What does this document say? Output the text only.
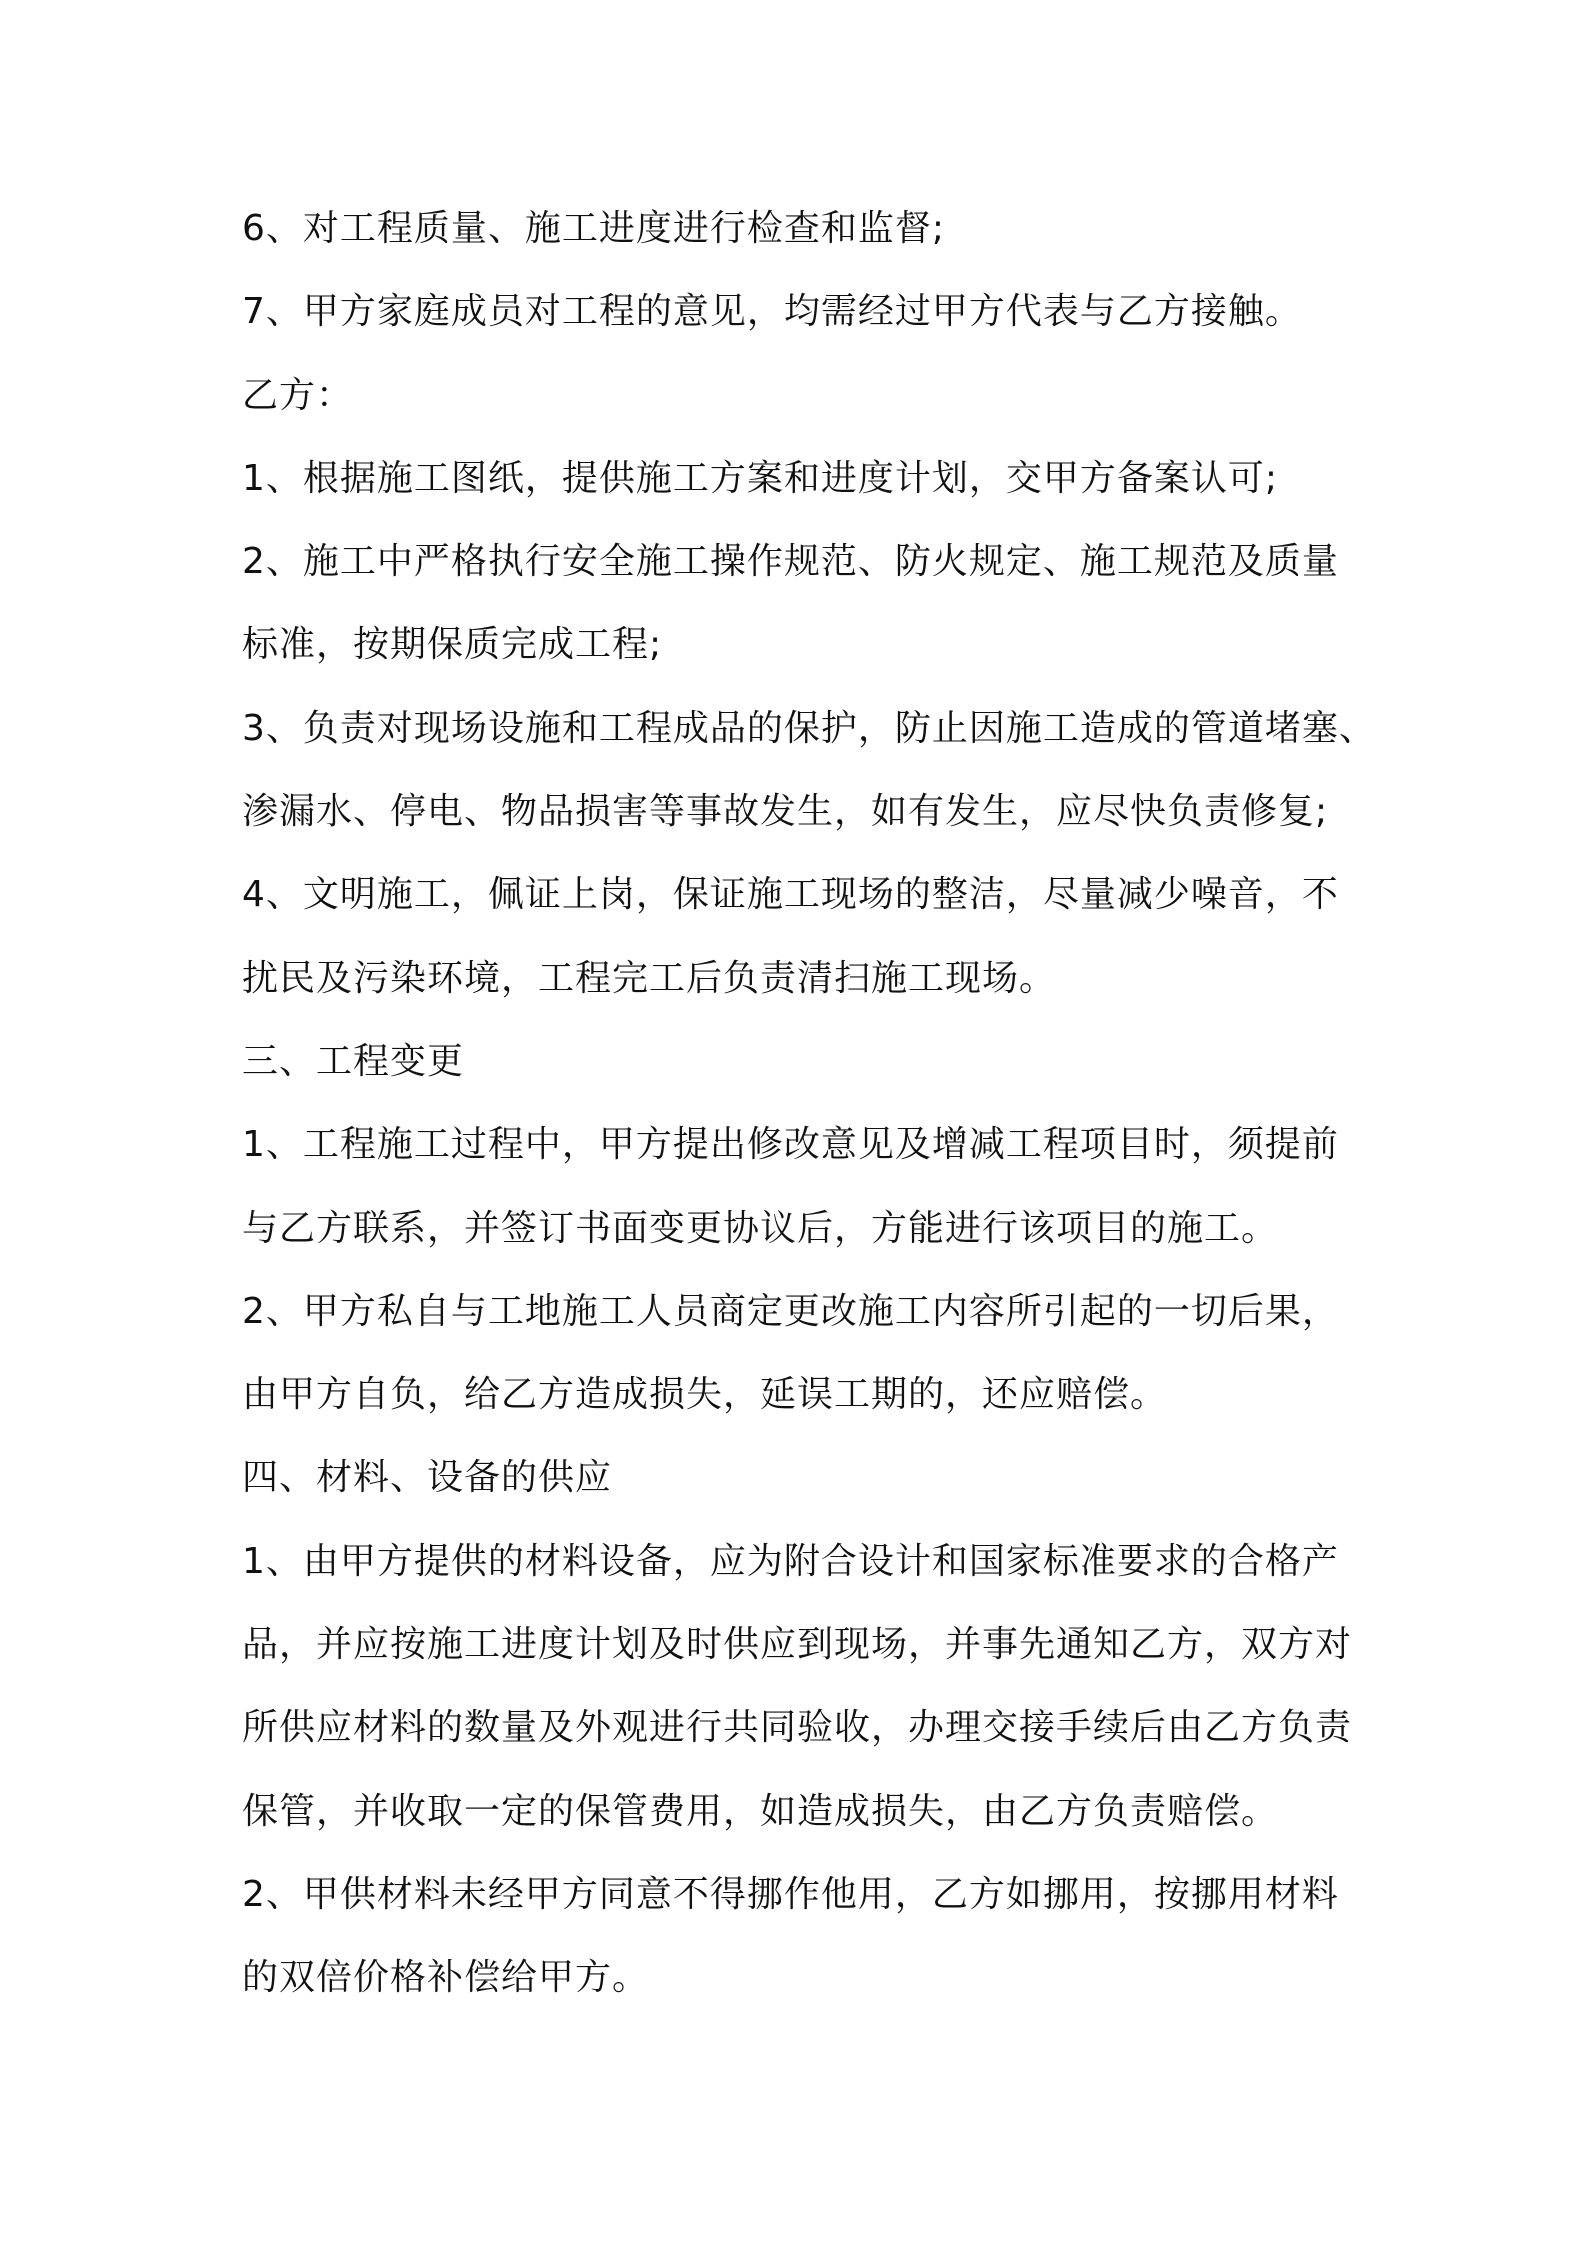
6、对工程质量、施工进度进行检查和监督;
7、甲方家庭成员对工程的意见，均需经过甲方代表与乙方接触。
乙方：
1、根据施工图纸，提供施工方案和进度计划，交甲方备案认可;
2、施工中严格执行安全施工操作规范、防火规定、施工规范及质量
标准，按期保质完成工程;
3、负责对现场设施和工程成品的保护，防止因施工造成的管道堵塞、
渗漏水、停电、物品损害等事故发生，如有发生，应尽快负责修复;
4、文明施工，佩证上岗，保证施工现场的整洁，尽量减少噪音，不
扰民及污染环境，工程完工后负责清扫施工现场。
三、工程变更
1、工程施工过程中，甲方提出修改意见及增减工程项目时，须提前
与乙方联系，并签订书面变更协议后，方能进行该项目的施工。
2、甲方私自与工地施工人员商定更改施工内容所引起的一切后果，
由甲方自负，给乙方造成损失，延误工期的，还应赔偿。
四、材料、设备的供应
1、由甲方提供的材料设备，应为附合设计和国家标准要求的合格产
品，并应按施工进度计划及时供应到现场，并事先通知乙方，双方对
所供应材料的数量及外观进行共同验收，办理交接手续后由乙方负责
保管，并收取一定的保管费用，如造成损失，由乙方负责赔偿。
2、甲供材料未经甲方同意不得挪作他用，乙方如挪用，按挪用材料
的双倍价格补偿给甲方。
